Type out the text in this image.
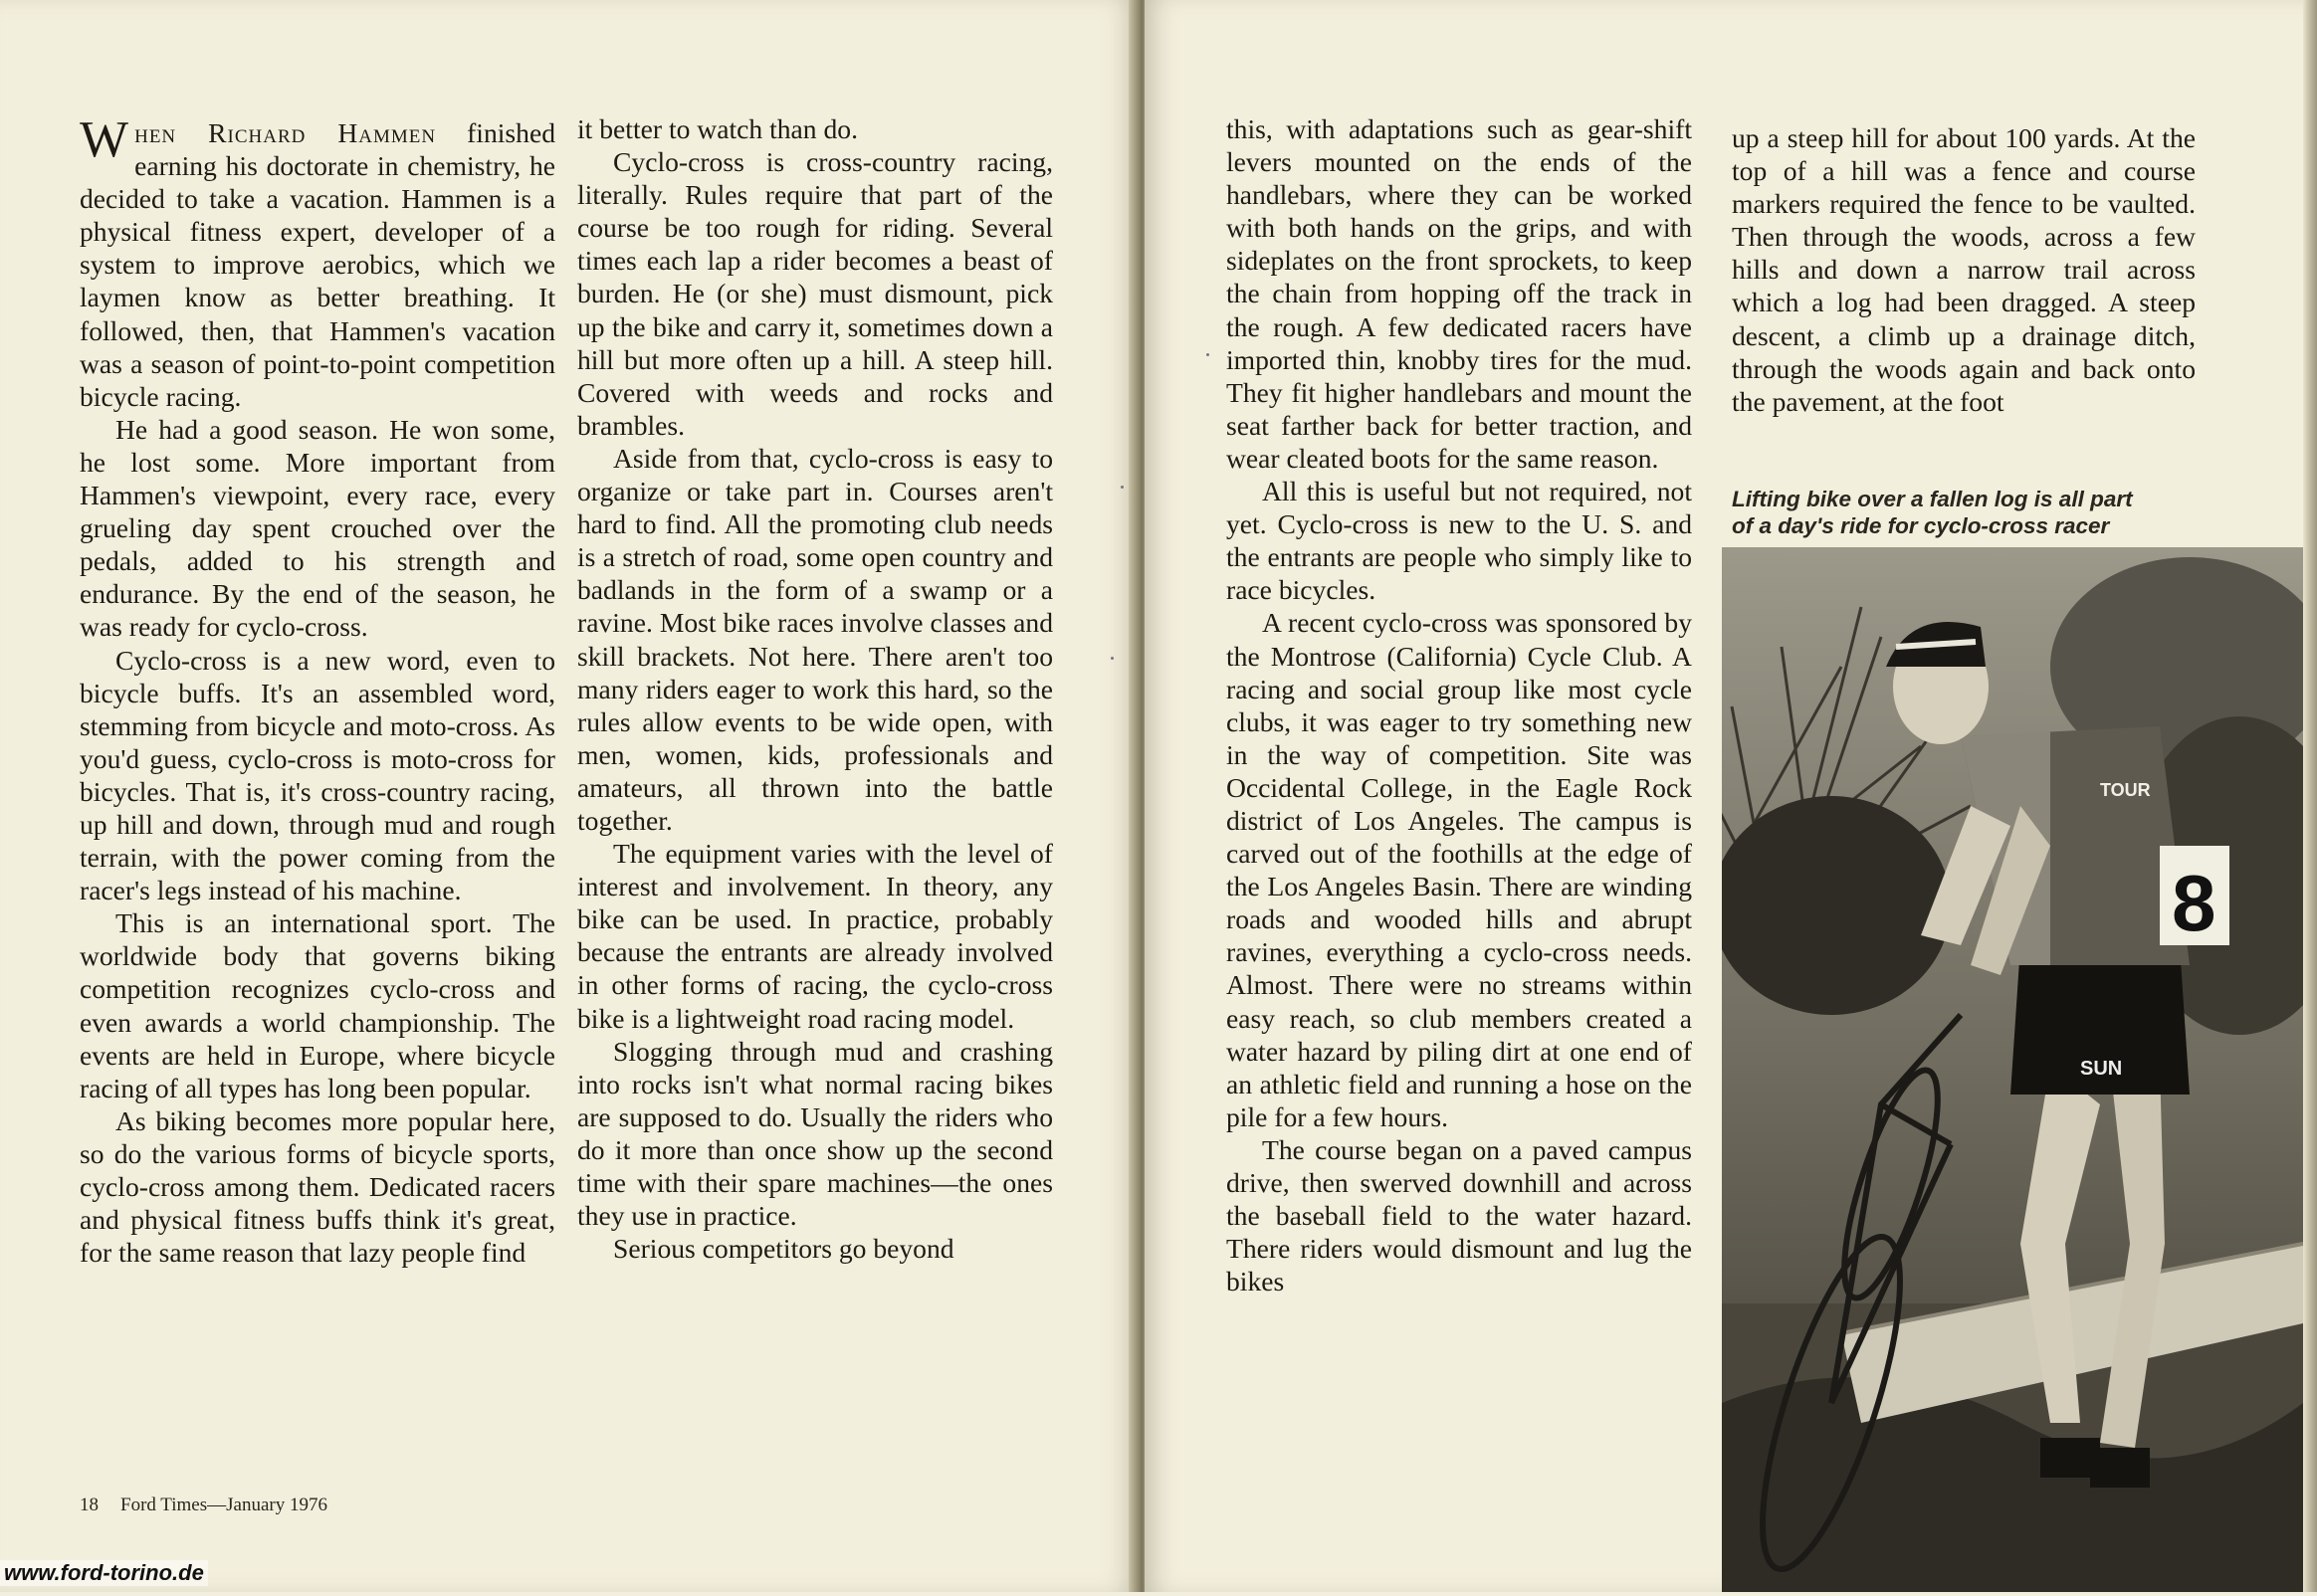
When Richard Hammen finished earning his doctorate in chemistry, he decided to take a vacation. Hammen is a physical fitness expert, developer of a system to improve aerobics, which we laymen know as better breathing. It followed, then, that Hammen's vacation was a season of point-to-point competition bicycle racing.

He had a good season. He won some, he lost some. More important from Hammen's viewpoint, every race, every grueling day spent crouched over the pedals, added to his strength and endurance. By the end of the season, he was ready for cyclo-cross.

Cyclo-cross is a new word, even to bicycle buffs. It's an assembled word, stemming from bicycle and moto-cross. As you'd guess, cyclo-cross is moto-cross for bicycles. That is, it's cross-country racing, up hill and down, through mud and rough terrain, with the power coming from the racer's legs instead of his machine.

This is an international sport. The worldwide body that governs biking competition recognizes cyclo-cross and even awards a world championship. The events are held in Europe, where bicycle racing of all types has long been popular.

As biking becomes more popular here, so do the various forms of bicycle sports, cyclo-cross among them. Dedicated racers and physical fitness buffs think it's great, for the same reason that lazy people find

it better to watch than do.

Cyclo-cross is cross-country racing, literally. Rules require that part of the course be too rough for riding. Several times each lap a rider becomes a beast of burden. He (or she) must dismount, pick up the bike and carry it, sometimes down a hill but more often up a hill. A steep hill. Covered with weeds and rocks and brambles.

Aside from that, cyclo-cross is easy to organize or take part in. Courses aren't hard to find. All the promoting club needs is a stretch of road, some open country and badlands in the form of a swamp or a ravine. Most bike races involve classes and skill brackets. Not here. There aren't too many riders eager to work this hard, so the rules allow events to be wide open, with men, women, kids, professionals and amateurs, all thrown into the battle together.

The equipment varies with the level of interest and involvement. In theory, any bike can be used. In practice, probably because the entrants are already involved in other forms of racing, the cyclo-cross bike is a lightweight road racing model.

Slogging through mud and crashing into rocks isn't what normal racing bikes are supposed to do. Usually the riders who do it more than once show up the second time with their spare machines—the ones they use in practice.

Serious competitors go beyond

18 Ford Times—January 1976

this, with adaptations such as gear-shift levers mounted on the ends of the handlebars, where they can be worked with both hands on the grips, and with sideplates on the front sprockets, to keep the chain from hopping off the track in the rough. A few dedicated racers have imported thin, knobby tires for the mud. They fit higher handlebars and mount the seat farther back for better traction, and wear cleated boots for the same reason.

All this is useful but not required, not yet. Cyclo-cross is new to the U. S. and the entrants are people who simply like to race bicycles.

A recent cyclo-cross was sponsored by the Montrose (California) Cycle Club. A racing and social group like most cycle clubs, it was eager to try something new in the way of competition. Site was Occidental College, in the Eagle Rock district of Los Angeles. The campus is carved out of the foothills at the edge of the Los Angeles Basin. There are winding roads and wooded hills and abrupt ravines, everything a cyclo-cross needs. Almost. There were no streams within easy reach, so club members created a water hazard by piling dirt at one end of an athletic field and running a hose on the pile for a few hours.

The course began on a paved campus drive, then swerved downhill and across the baseball field to the water hazard. There riders would dismount and lug the bikes

up a steep hill for about 100 yards. At the top of a hill was a fence and course markers required the fence to be vaulted. Then through the woods, across a few hills and down a narrow trail across which a log had been dragged. A steep descent, a climb up a drainage ditch, through the woods again and back onto the pavement, at the foot

Lifting bike over a fallen log is all part
of a day's ride for cyclo-cross racer
SUN
TOUR
8
www.ford-torino.de
